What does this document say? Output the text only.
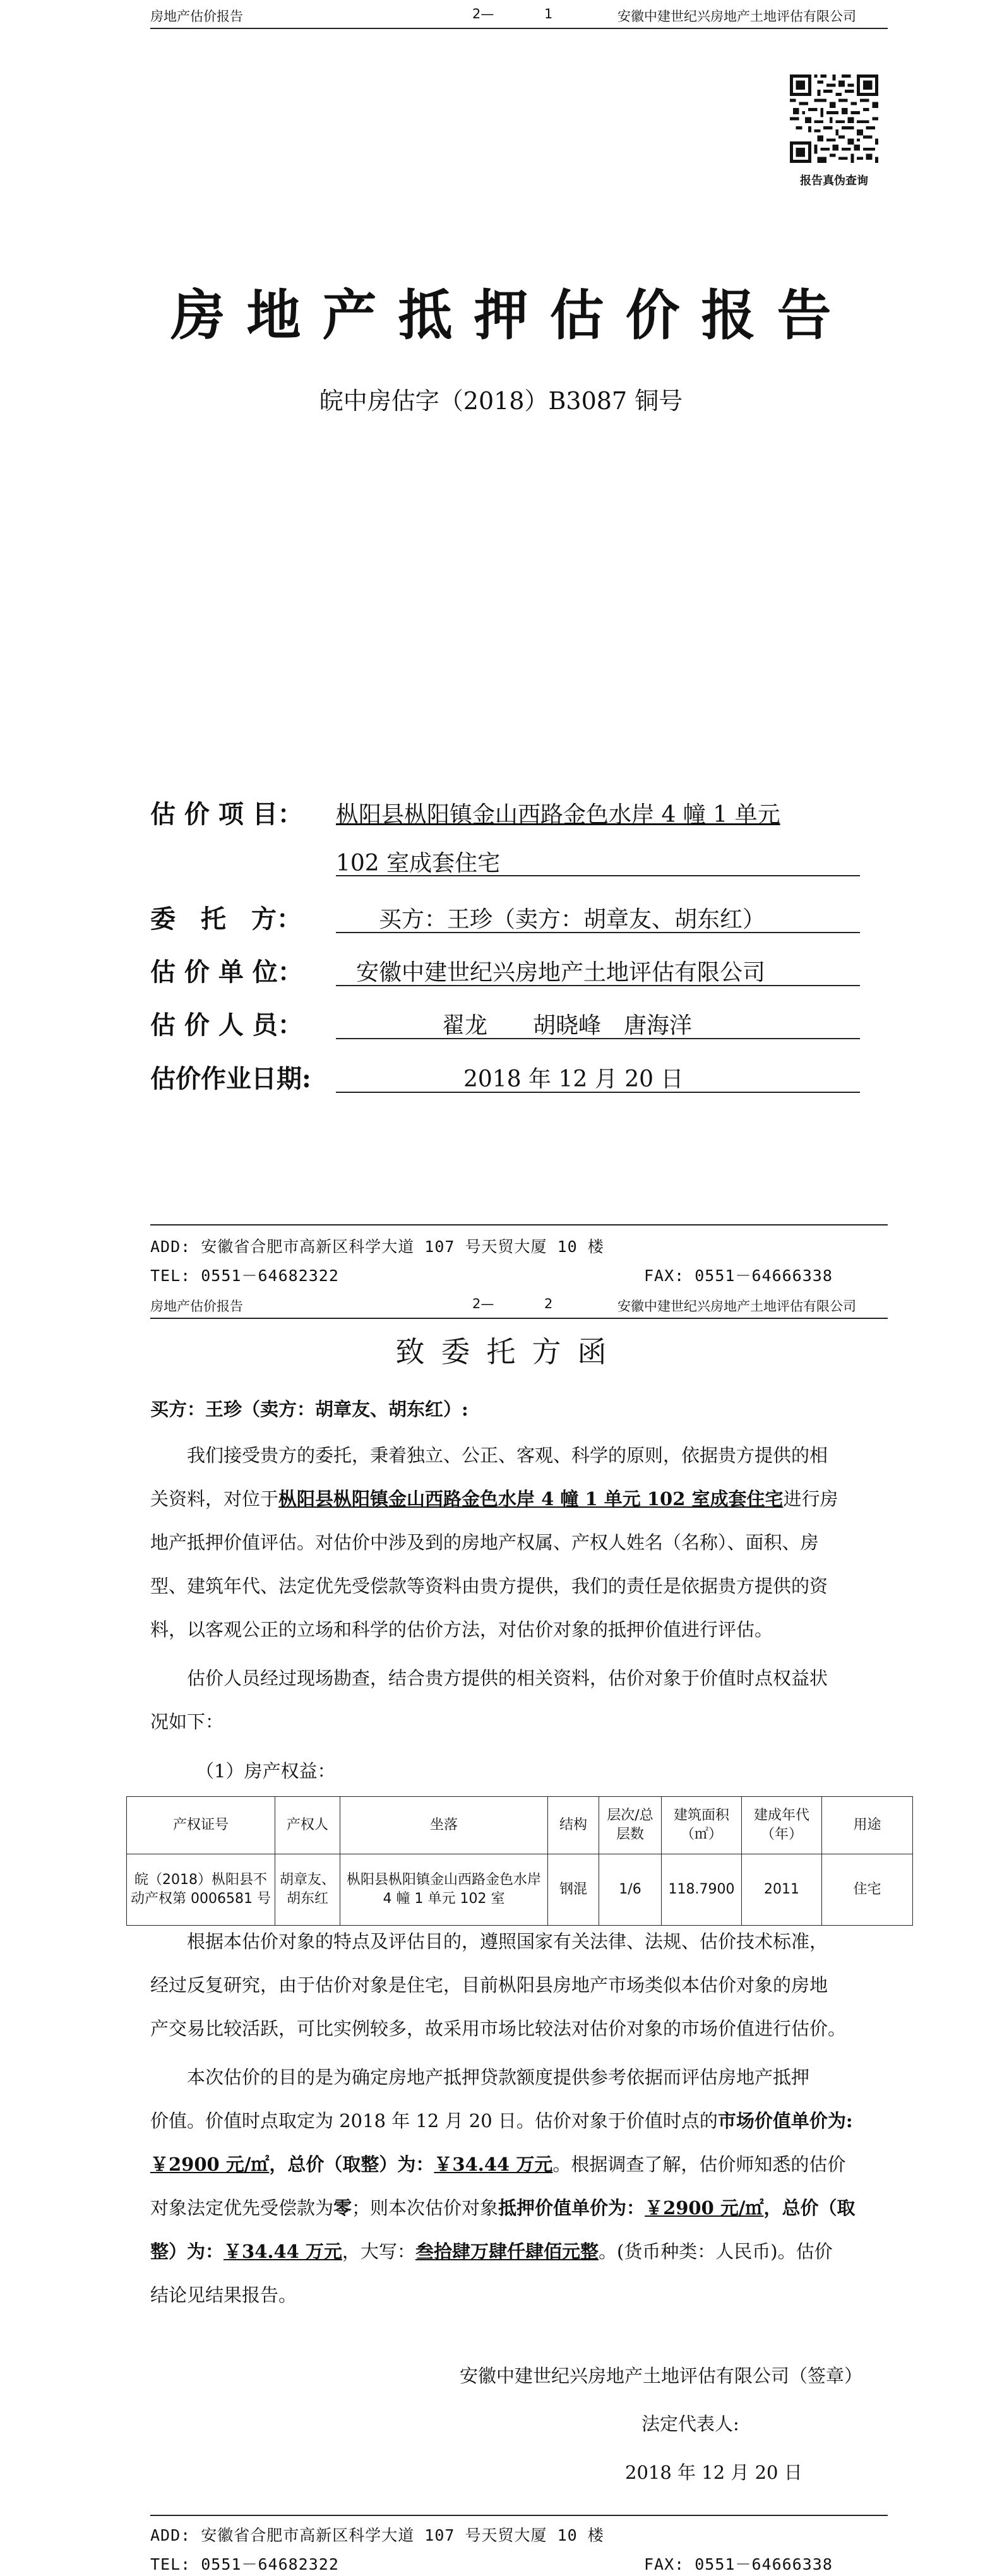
房地产估价报告	2—	1	安徽中建世纪兴房地产土地评估有限公司
报告真伪查询
房地产抵押估价报告
皖中房估字（2018）B3087 铜号
估 价 项 目： 枞阳县枞阳镇金山西路金色水岸 4 幢 1 单元
102 室成套住宅
委　托　方：	买方：王珍（卖方：胡章友、胡东红）
估 价 单 位： 安徽中建世纪兴房地产土地评估有限公司
估 价 人 员：	翟龙　　胡晓峰　唐海洋
估价作业日期:	2018 年 12 月 20 日
ADD: 安徽省合肥市高新区科学大道 107 号天贸大厦 10 楼
TEL: 0551－64682322	FAX: 0551－64666338
房地产估价报告	2—	2	安徽中建世纪兴房地产土地评估有限公司
致委托方函
买方：王珍（卖方：胡章友、胡东红）:
我们接受贵方的委托，秉着独立、公正、客观、科学的原则，依据贵方提供的相
关资料，对位于枞阳县枞阳镇金山西路金色水岸 4 幢 1 单元 102 室成套住宅进行房
地产抵押价值评估。对估价中涉及到的房地产权属、产权人姓名（名称）、面积、房
型、建筑年代、法定优先受偿款等资料由贵方提供，我们的责任是依据贵方提供的资
料，以客观公正的立场和科学的估价方法，对估价对象的抵押价值进行评估。
估价人员经过现场勘查，结合贵方提供的相关资料，估价对象于价值时点权益状
况如下：
（1）房产权益：
产权证号	产权人	坐落	结构	层次/总层数	建筑面积（㎡）	建成年代（年）	用途
皖（2018）枞阳县不动产权第 0006581 号	胡章友、胡东红	枞阳县枞阳镇金山西路金色水岸 4 幢 1 单元 102 室	钢混	1/6	118.7900	2011	住宅
根据本估价对象的特点及评估目的，遵照国家有关法律、法规、估价技术标准，
经过反复研究，由于估价对象是住宅，目前枞阳县房地产市场类似本估价对象的房地
产交易比较活跃，可比实例较多，故采用市场比较法对估价对象的市场价值进行估价。
本次估价的目的是为确定房地产抵押贷款额度提供参考依据而评估房地产抵押
价值。价值时点取定为 2018 年 12 月 20 日。估价对象于价值时点的市场价值单价为:
￥2900 元/㎡，总价（取整）为：￥34.44 万元。根据调查了解，估价师知悉的估价
对象法定优先受偿款为零；则本次估价对象抵押价值单价为：￥2900 元/㎡，总价（取
整）为：￥34.44 万元，大写：叁拾肆万肆仟肆佰元整。(货币种类：人民币)。估价
结论见结果报告。
安徽中建世纪兴房地产土地评估有限公司（签章）
法定代表人:
2018 年 12 月 20 日
ADD: 安徽省合肥市高新区科学大道 107 号天贸大厦 10 楼
TEL: 0551－64682322	FAX: 0551－64666338
